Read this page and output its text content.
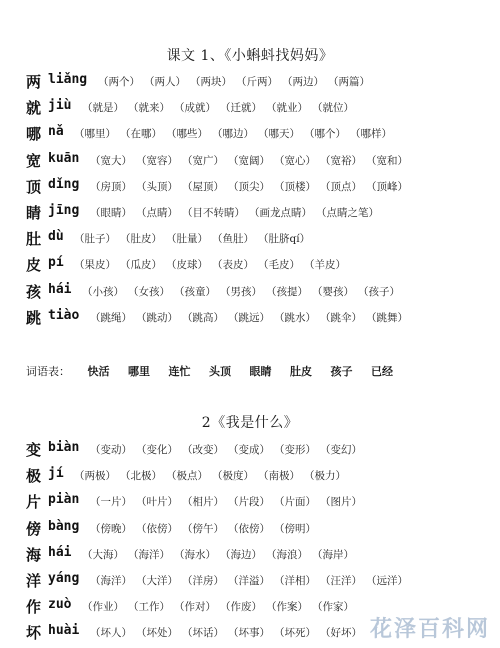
课文 1、《小蝌蚪找妈妈》
两 liǎng （两个） （两人） （两块） （斤两） （两边） （两篇）
就 jiù （就是） （就来） （成就） （迁就） （就业） （就位）
哪 nǎ （哪里） （在哪） （哪些） （哪边） （哪天） （哪个） （哪样）
宽 kuān （宽大） （宽容） （宽广） （宽阔） （宽心） （宽裕） （宽和）
顶 dǐng （房顶） （头顶） （屋顶） （顶尖） （顶楼） （顶点） （顶峰）
睛 jīng （眼睛） （点睛） （目不转睛） （画龙点睛） （点睛之笔）
肚 dù （肚子） （肚皮） （肚量） （鱼肚） （肚脐qí）
皮 pí （果皮） （瓜皮） （皮球） （表皮） （毛皮） （羊皮）
孩 hái （小孩） （女孩） （孩童） （男孩） （孩提） （婴孩） （孩子）
跳 tiào （跳绳） （跳动） （跳高） （跳远） （跳水） （跳伞） （跳舞）
词语表： 快活 哪里 连忙 头顶 眼睛 肚皮 孩子 已经
2《我是什么》
变 biàn （变动） （变化） （改变） （变成） （变形） （变幻）
极 jí （两极） （北极） （极点） （极度） （南极） （极力）
片 piàn （一片） （叶片） （相片） （片段） （片面） （图片）
傍 bàng （傍晚） （依傍） （傍午） （依傍） （傍明）
海 hái （大海） （海洋） （海水） （海边） （海浪） （海岸）
洋 yáng （海洋） （大洋） （洋房） （洋溢） （洋相） （汪洋） （远洋）
作 zuò （作业） （工作） （作对） （作废） （作案） （作家）
坏 huài （坏人） （坏处） （坏话） （坏事） （坏死） （好坏） 花泽百科网
